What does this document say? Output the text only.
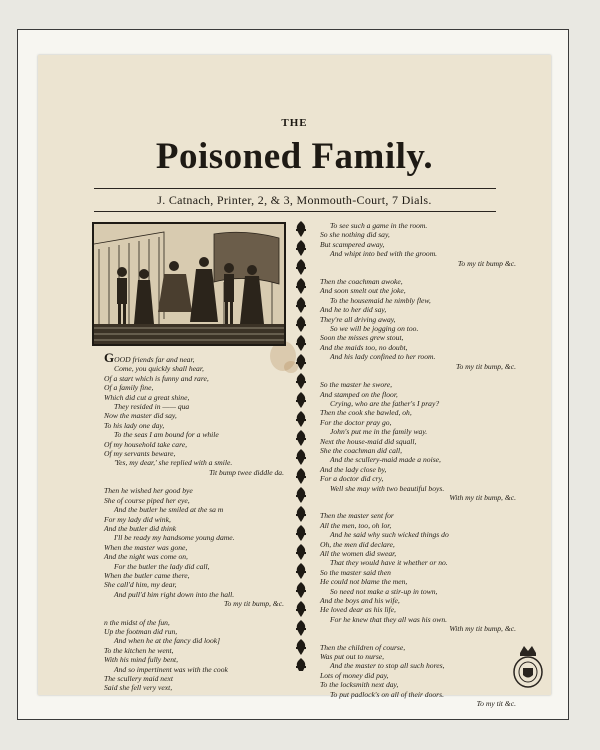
THE
Poisoned Family.
J. Catnach, Printer, 2, & 3, Monmouth-Court, 7 Dials.
GOOD friends far and near,
Come, you quickly shall hear,
Of a start which is funny and rare,
Of a family fine,
Which did cut a great shine,
They resided in —— qua
Now the master did say,
To his lady one day,
To the seas I am bound for a while
Of my household take care,
Of my servants beware,
'Yes, my dear,' she replied with a smile.
Tit bump twee diddle da.
Then he wished her good bye
She of course piped her eye,
And the butler he smiled at the sa m
For my lady did wink,
And the butler did think
I'll be ready my handsome young dame.
When the master was gone,
And the night was come on,
For the butler the lady did call,
When the butler came there,
She call'd him, my dear,
And pull'd him right down into the hall.
To my tit bump, &c.
n the midst of the fun,
Up the footman did run,
And when he at the fancy did look]
To the kitchen he went,
With his mind fully bent,
And so impertinent was with the cook
The scullery maid next
Said she fell very vext,
To see such a game in the room.
So she nothing did say,
But scampered away,
And whipt into bed with the groom.
To my tit bump &c.
Then the coachman awoke,
And soon smelt out the joke,
To the housemaid he nimbly flew,
And he to her did say,
They're all driving away,
So we will be jogging on too.
Soon the misses grew stout,
And the maids too, no doubt,
And his lady confined to her room.
To my tit bump, &c.
So the master he swore,
And stamped on the floor,
Crying, who are the father's I pray?
Then the cook she bawled, oh,
For the doctor pray go,
John's put me in the family way.
Next the house-maid did squall,
She the coachman did call,
And the scullery-maid made a noise,
And the lady close by,
For a doctor did cry,
Well she may with two beautiful boys.
With my tit bump, &c.
Then the master sent for
All the men, too, oh lor,
And he said why such wicked things do
Oh, the men did declare,
All the women did swear,
That they would have it whether or no.
So the master said then
He could not blame the men,
So need not make a stir-up in town,
And the boys and his wife,
He loved dear as his life,
For he knew that they all was his own.
With my tit bump, &c.
Then the children of course,
Was put out to nurse,
And the master to stop all such hores,
Lots of money did pay,
To the locksmith next day,
To put padlock's on all of their doors.
To my tit &c.
